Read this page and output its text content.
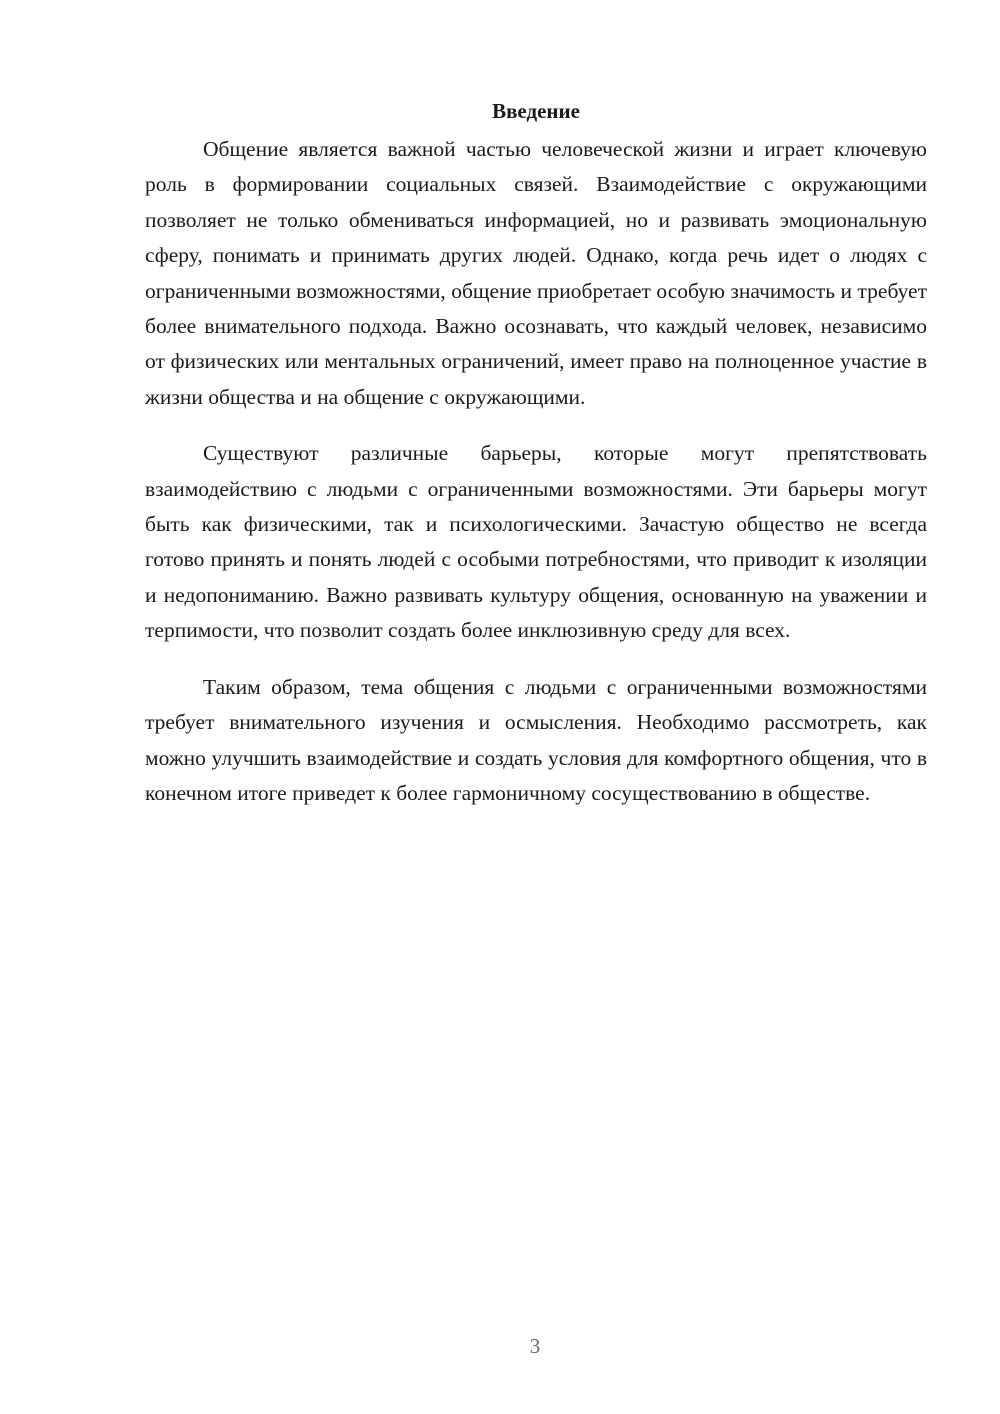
Введение

Общение является важной частью человеческой жизни и играет ключевую роль в формировании социальных связей. Взаимодействие с окружающими позволяет не только обмениваться информацией, но и развивать эмоциональную сферу, понимать и принимать других людей. Однако, когда речь идет о людях с ограниченными возможностями, общение приобретает особую значимость и требует более внимательного подхода. Важно осознавать, что каждый человек, независимо от физических или ментальных ограничений, имеет право на полноценное участие в жизни общества и на общение с окружающими.

Существуют различные барьеры, которые могут препятствовать взаимодействию с людьми с ограниченными возможностями. Эти барьеры могут быть как физическими, так и психологическими. Зачастую общество не всегда готово принять и понять людей с особыми потребностями, что приводит к изоляции и недопониманию. Важно развивать культуру общения, основанную на уважении и терпимости, что позволит создать более инклюзивную среду для всех.

Таким образом, тема общения с людьми с ограниченными возможностями требует внимательного изучения и осмысления. Необходимо рассмотреть, как можно улучшить взаимодействие и создать условия для комфортного общения, что в конечном итоге приведет к более гармоничному сосуществованию в обществе.

3
